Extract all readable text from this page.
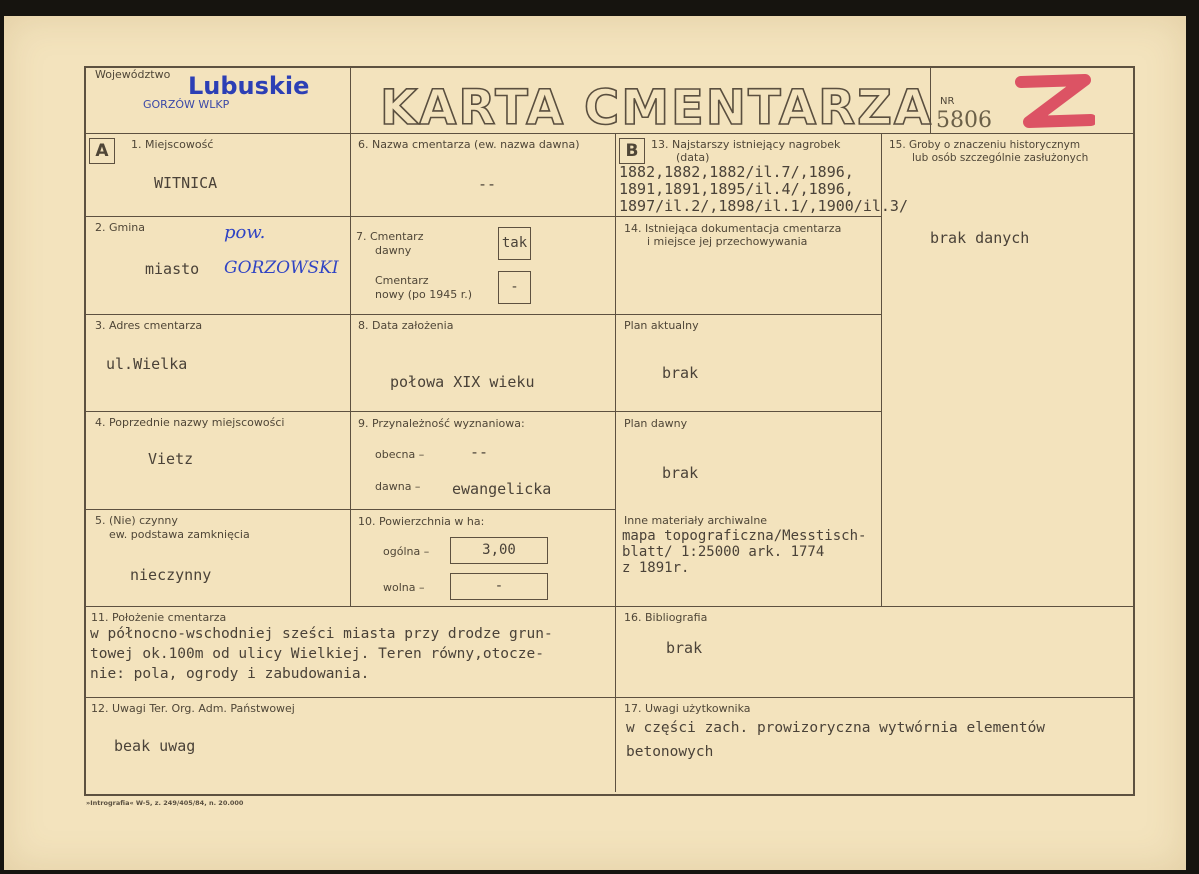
Województwo Lubuskie
GORZÓW WLKP	KARTA CMENTARZA NR
5806
A	B
1. Miejscowość
WITNICA
2. Gmina
miasto
pow.
GORZOWSKI
3. Adres cmentarza
ul.Wielka
4. Poprzednie nazwy miejscowości
Vietz
5. (Nie) czynny
ew. podstawa zamknięcia
nieczynny
6. Nazwa cmentarza (ew. nazwa dawna)
--
7. Cmentarz
dawny	tak
Cmentarz
nowy (po 1945 r.)	-
8. Data założenia
połowa XIX wieku
9. Przynależność wyznaniowa:
obecna –	--
dawna – ewangelicka
10. Powierzchnia w ha:
ogólna –	3,00
wolna –	-
13. Najstarszy istniejący nagrobek
(data)
1882,1882,1882/il.7/,1896,
1891,1891,1895/il.4/,1896,
1897/il.2/,1898/il.1/,1900/il.3/
14. Istniejąca dokumentacja cmentarza
i miejsce jej przechowywania
Plan aktualny
brak
Plan dawny
brak
Inne materiały archiwalne
mapa topograficzna/Messtisch-
blatt/ 1:25000 ark. 1774
z 1891r.
15. Groby o znaczeniu historycznym
lub osób szczególnie zasłużonych
brak danych
11. Położenie cmentarza
w północno-wschodniej sześci miasta przy drodze grun-
towej ok.100m od ulicy Wielkiej. Teren równy,otocze-
nie: pola, ogrody i zabudowania.
16. Bibliografia
brak
12. Uwagi Ter. Org. Adm. Państwowej
beak uwag
17. Uwagi użytkownika
w części zach. prowizoryczna wytwórnia elementów
betonowych
»Intrografia« W-5, z. 249/405/84, n. 20.000
